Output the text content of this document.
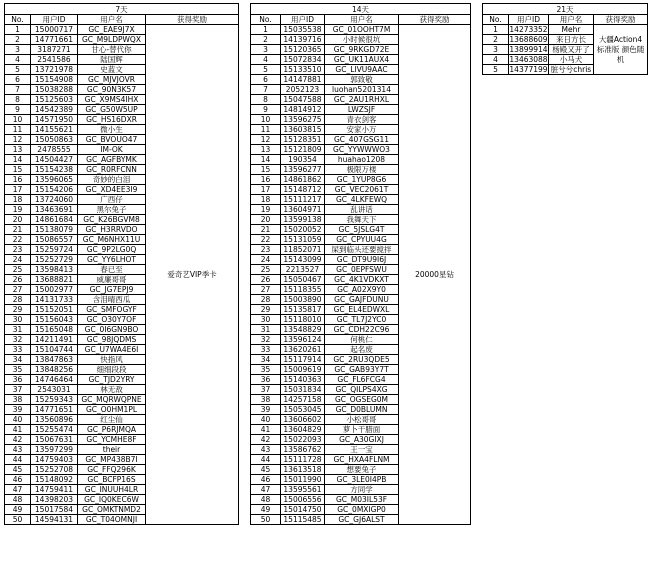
7天			
No.	用户ID	用户名	获得奖励
1	15000717	GC_EAE9J7X	爱奇艺VIP季卡
2	14771661	GC_M9LDPWQX	
3	3187271	甘心-替代你	
4	2541586	陆国辉	
5	13721978	史蓝文	
6	15154908	GC_MJVJOVR	
7	15038288	GC_90N3K57	
8	15125603	GC_X9MS4IHX	
9	14542389	GC_G50W5UP	
10	14571950	GC_HS16DXR	
11	14155621	微小生	
12	15050863	GC_BVOUO47	
13	2478555	IM-OK	
14	14504427	GC_AGFBYMK	
15	15154238	GC_R0RFCNN	
16	13596065	奇妙的白泪	
17	15154206	GC_XD4EE3I9	
18	13724060	广西仔	
19	13463691	黑尔兔子	
20	14861684	GC_K26BGVM8	
21	15138079	GC_H3RRVDO	
22	15086557	GC_M6NHX11U	
23	15259724	GC_9P2LG0Q	
24	15252729	GC_YY6LHOT	
25	13598413	春已至	
26	13688821	威廉哥哥	
27	15002977	GC_JG7EPJ9	
28	14131733	含泪晴西瓜	
29	15152051	GC_SMFOGYF	
30	15156043	GC_O30Y7OF	
31	15165048	GC_0I6GN9BO	
32	14211491	GC_98JQDMS	
33	15104744	GC_U7WA4E6I	
34	13847863	快指风	
35	13848256	细细段段	
36	14746464	GC_TJD2YRY	
37	2543031	林无敌	
38	15259343	GC_MQRWQPNE	
39	14771651	GC_O0HM1PL	
40	13560896	红尘仙	
41	15255474	GC_P6RJMQA	
42	15067631	GC_YCMHE8F	
43	13597299	their	
44	14759403	GC_MP438B7I	
45	15252708	GC_FFQ296K	
46	15148092	GC_BCFP16S	
47	14759411	GC_INUUH4LR	
48	14398203	GC_IQ0KEC6W	
49	15017584	GC_OMKTNMD2	
50	14594131	GC_T04OMNJI	
14天			
No.	用户ID	用户名	获得奖励
1	15035538	GC_01OOHT7M	20000星钻
2	14139716	小时候很坑	
3	15120365	GC_9RKGD72E	
4	15072834	GC_UK11AUX4	
5	15133510	GC_LIVU9AAC	
6	14147881	郭致敬	
7	2052123	luohan5201314	
8	15047588	GC_2AU1RHXL	
9	14814912	LWZSJF	
10	13596275	青衣剑客	
11	13603815	安家小万	
12	15128351	GC_407GSG11	
13	15121809	GC_YYWWWO3	
14	190354	huahao1208	
15	13596277	极限万楼	
16	14861862	GC_1YUP8G6	
17	15148712	GC_VEC2061T	
18	15111217	GC_4LKFEWQ	
19	13604971	乱讲话	
20	13599138	我舞天下	
21	15020052	GC_5JSLG4T	
22	15131059	GC_CPYUU4G	
23	11852071	屎到临头还要搅拌	
24	15143099	GC_DT9U9I6J	
25	2213527	GC_0EPFSWU	
26	15050467	GC_4K1VDKXT	
27	15118355	GC_A02X9Y0	
28	15003890	GC_GAJFDUNU	
29	15135817	GC_EL4EDWXL	
30	15118010	GC_TL7J2YC0	
31	13548829	GC_CDH22C96	
32	13596124	何桃仁	
33	13620261	起名废	
34	15117914	GC_2RU3QDE5	
35	15009619	GC_GAB93Y7T	
36	15140363	GC_FL6FCG4	
37	15031834	GC_QILPS4XG	
38	14257158	GC_OGSEG0M	
39	15053045	GC_D0BLUMN	
40	13606602	小松哥哥	
41	13604829	萝卜干腊面	
42	15022093	GC_A30GIXJ	
43	13586762	王一宝	
44	15111728	GC_HXA4FLNM	
45	13613518	想要兔子	
46	15011990	GC_3LE0I4PB	
47	13595561	方同学	
48	15006556	GC_M03IL53F	
49	15014750	GC_0MXIGP0	
50	15115485	GC_GJ6ALST	
21天			
No.	用户ID	用户名	获得奖励
1	14273352	Mehr	大疆Action4 标准版 颜色随机
2	13688609	来日方长	
3	13899914	杨殿又开了	
4	13463088	小马犬	
5	14377199	脏兮兮chris	
